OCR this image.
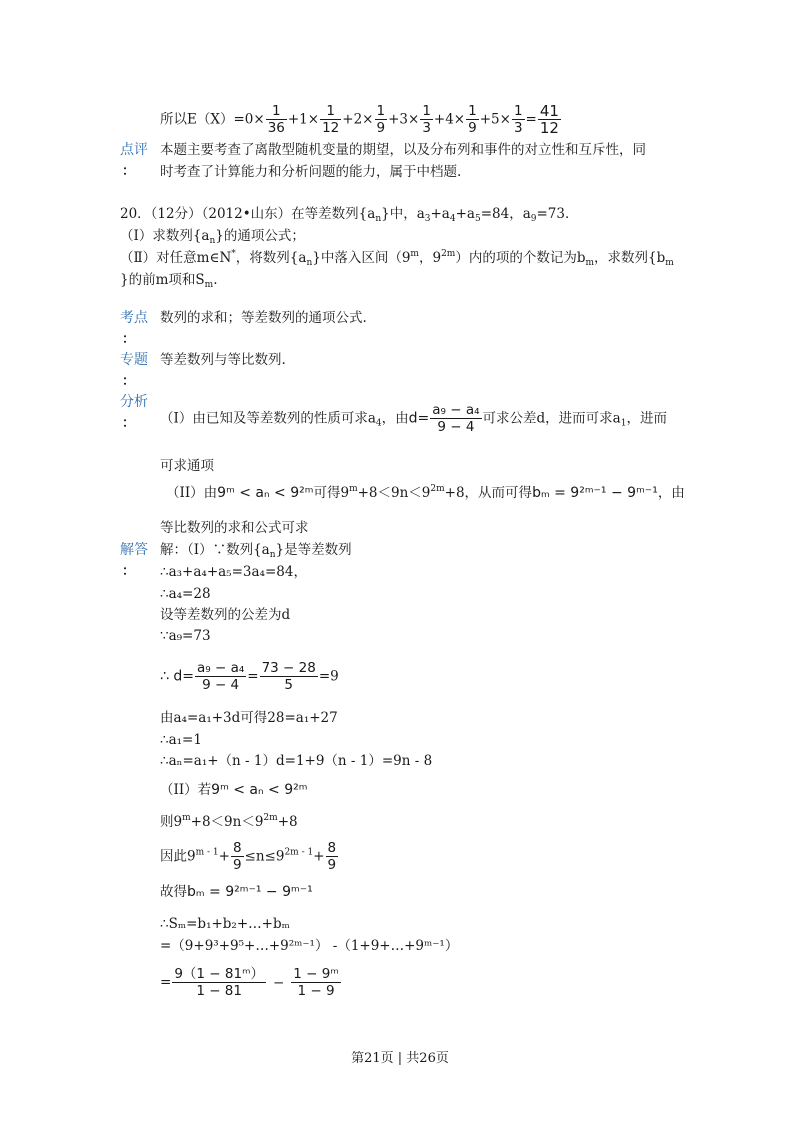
所以$E(X)=0\times \frac{1}{36} +1\times \frac{1}{12} +2\times \frac{1}{9} +3\times \frac{1}{3} +4\times \frac{1}{9} +5\times \frac{1}{3} = \frac{41}{12}$
点评
：
本题主要考查了离散型随机变量的期望，以及分布列和事件的对立性和互斥性，同
时考查了计算能力和分析问题的能力，属于中档题.
20．（12分）（2012•山东）在等差数列$\{a_n\}$中，$a_3+a_4+a_5=84$，$a_9=73$．
（Ⅰ）求数列$\{a_n\}$的通项公式；
（Ⅱ）对任意m∈N*，将数列$\{a_n\}$中落入区间（9$^m$，$9^{2m}$）内的项的个数记为$b_m$，求数列{$b_m$
}的前m项和$S_m$.
考点
：
数列的求和；等差数列的通项公式.
专题
：
等差数列与等比数列.
分析
： （I）由已知及等差数列的性质可求$a_4$，由$d= \frac{\text{a₉ − a₄}}{9 - 4}$ 可求公差d，进而可求$a_1$，进而
可求通项
（II）由9ᵐ < aₙ < 9²ᵐ可得$9^m+8<9n<9^{2m}+8$，从而可得bₘ = 9²ᵐ⁻¹ − 9ᵐ⁻¹，由
等比数列的求和公式可求
解答
：
解：（I）∵数列$\{a_n\}$是等差数列
∴a₃+a₄+a₅=3a₄=84，
∴a₄=28
设等差数列的公差为d
∵a₉=73
∴ $d= \frac{\text{a₉ − a₄}}{9 - 4} = \frac{73 - 28}{5} =9$
由a₄=a₁+3d可得28=a₁+27
∴a₁=1
∴aₙ=a₁+（n - 1）d=1+9（n - 1）=9n - 8
（II）若9ᵐ < aₙ < 9²ᵐ
则$9^m+8<9n<9^{2m}+8$
因此$9^{m - 1}+ \frac{8}{9} \le n\le 9^{2m - 1}+ \frac{8}{9}$
故得bₘ = 9²ᵐ⁻¹ − 9ᵐ⁻¹
∴Sₘ=b₁+b₂+…+bₘ
=（9+9³+9⁵+…+9²ᵐ⁻¹） -（1+9+…+9ᵐ⁻¹）
= $\frac{\text{9（1 − 81ᵐ）}}{1 - 81} - \frac{\text{1 − 9ᵐ}}{1 - 9}$
第21页 | 共26页
